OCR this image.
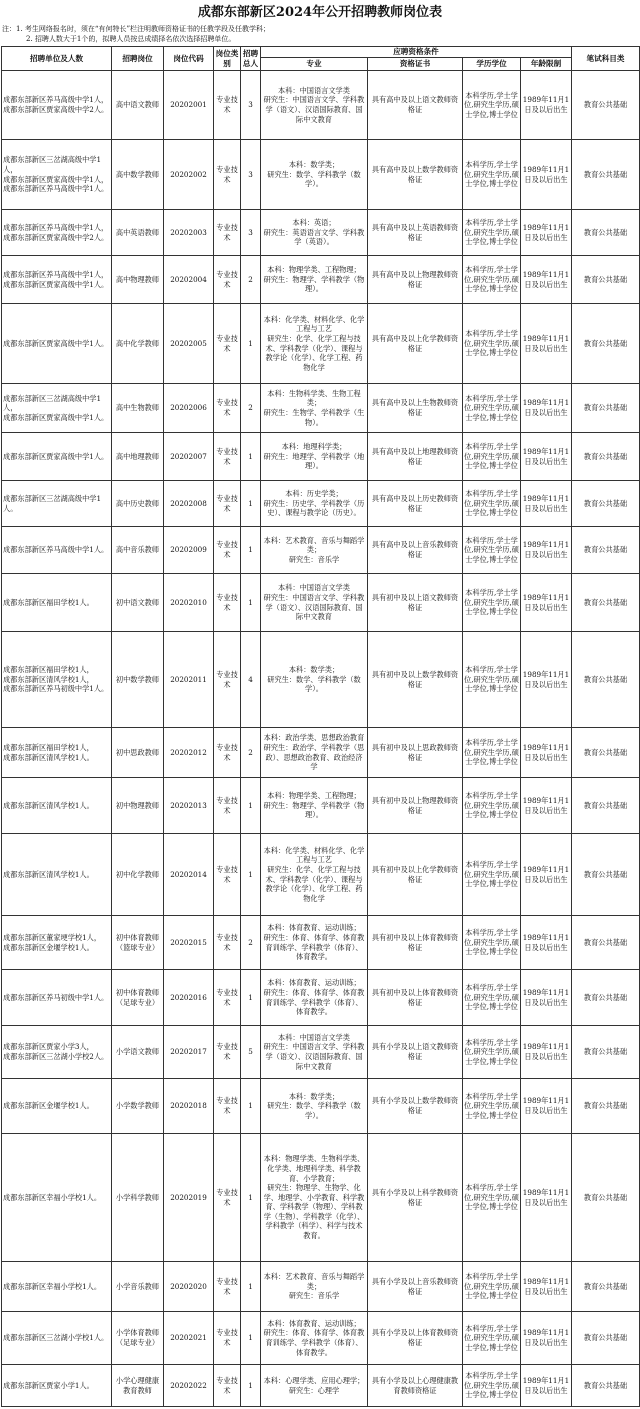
成都东部新区2024年公开招聘教师岗位表
注：1. 考生网络报名时，须在“有何特长”栏注明教师资格证书的任教学段及任教学科；
2. 招聘人数大于1个的，拟聘人员按总成绩择名依次选择招聘单位。
招聘单位及人数	招聘岗位	岗位代码	岗位类别	招聘总人	应聘资格条件				笔试科目类
					专业	资格证书	学历学位	年龄限制	

成都东部新区养马高级中学1人，
成都东部新区贾家高级中学2人。	高中语文教师	20202001	专业技术	3	本科：中国语言文学类
研究生：中国语言文学、学科教学（语文）、汉语国际教育、国际中文教育	具有高中及以上语文教师资格证	本科学历,学士学位,研究生学历,硕士学位,博士学位	1989年11月1日及以后出生	教育公共基础

成都东部新区三岔湖高级中学1人，
成都东部新区贾家高级中学1人，
成都东部新区养马高级中学1人。	高中数学教师	20202002	专业技术	3	本科：数学类；
研究生：数学、学科教学（数学）。	具有高中及以上数学教师资格证	本科学历,学士学位,研究生学历,硕士学位,博士学位	1989年11月1日及以后出生	教育公共基础

成都东部新区养马高级中学1人，
成都东部新区贾家高级中学2人。	高中英语教师	20202003	专业技术	3	本科：英语；
研究生：英语语言文学、学科教学（英语）。	具有高中及以上英语教师资格证	本科学历,学士学位,研究生学历,硕士学位,博士学位	1989年11月1日及以后出生	教育公共基础

成都东部新区养马高级中学1人，
成都东部新区贾家高级中学1人。	高中物理教师	20202004	专业技术	2	本科：物理学类、工程物理；
研究生：物理学、学科教学（物理）。	具有高中及以上物理教师资格证	本科学历,学士学位,研究生学历,硕士学位,博士学位	1989年11月1日及以后出生	教育公共基础

成都东部新区贾家高级中学1人。	高中化学教师	20202005	专业技术	1	本科：化学类、材料化学、化学工程与工艺
研究生：化学、化学工程与技术、学科教学（化学）、课程与教学论（化学）、化学工程、药物化学	具有高中及以上化学教师资格证	本科学历,学士学位,研究生学历,硕士学位,博士学位	1989年11月1日及以后出生	教育公共基础

成都东部新区三岔湖高级中学1人，
成都东部新区贾家高级中学1人。	高中生物教师	20202006	专业技术	2	本科：生物科学类、生物工程类；
研究生：生物学、学科教学（生物）。	具有高中及以上生物教师资格证	本科学历,学士学位,研究生学历,硕士学位,博士学位	1989年11月1日及以后出生	教育公共基础

成都东部新区贾家高级中学1人。	高中地理教师	20202007	专业技术	1	本科：地理科学类；
研究生：地理学、学科教学（地理）。	具有高中及以上地理教师资格证	本科学历,学士学位,研究生学历,硕士学位,博士学位	1989年11月1日及以后出生	教育公共基础

成都东部新区三岔湖高级中学1人。	高中历史教师	20202008	专业技术	1	本科：历史学类；
研究生：历史学、学科教学（历史）、课程与教学论（历史）。	具有高中及以上历史教师资格证	本科学历,学士学位,研究生学历,硕士学位,博士学位	1989年11月1日及以后出生	教育公共基础

成都东部新区养马高级中学1人。	高中音乐教师	20202009	专业技术	1	本科：艺术教育、音乐与舞蹈学类；
研究生：音乐学	具有高中及以上音乐教师资格证	本科学历,学士学位,研究生学历,硕士学位,博士学位	1989年11月1日及以后出生	教育公共基础

成都东部新区福田学校1人。	初中语文教师	20202010	专业技术	1	本科：中国语言文学类
研究生：中国语言文学、学科教学（语文）、汉语国际教育、国际中文教育	具有初中及以上语文教师资格证	本科学历,学士学位,研究生学历,硕士学位,博士学位	1989年11月1日及以后出生	教育公共基础

成都东部新区福田学校1人，
成都东部新区清风学校1人，
成都东部新区养马初级中学1人。	初中数学教师	20202011	专业技术	4	本科：数学类；
研究生：数学、学科教学（数学）。	具有初中及以上数学教师资格证	本科学历,学士学位,研究生学历,硕士学位,博士学位	1989年11月1日及以后出生	教育公共基础

成都东部新区福田学校1人，
成都东部新区清风学校1人。	初中思政教师	20202012	专业技术	2	本科：政治学类、思想政治教育
研究生：政治学、学科教学（思政）、思想政治教育、政治经济学	具有初中及以上思政教师资格证	本科学历,学士学位,研究生学历,硕士学位,博士学位	1989年11月1日及以后出生	教育公共基础

成都东部新区清风学校1人。	初中物理教师	20202013	专业技术	1	本科：物理学类、工程物理；
研究生：物理学、学科教学（物理）。	具有初中及以上物理教师资格证	本科学历,学士学位,研究生学历,硕士学位,博士学位	1989年11月1日及以后出生	教育公共基础

成都东部新区清风学校1人。	初中化学教师	20202014	专业技术	1	本科：化学类、材料化学、化学工程与工艺
研究生：化学、化学工程与技术、学科教学（化学）、课程与教学论（化学）、化学工程、药物化学	具有初中及以上化学教师资格证	本科学历,学士学位,研究生学历,硕士学位,博士学位	1989年11月1日及以后出生	教育公共基础

成都东部新区董家埂学校1人，
成都东部新区金堰学校1人。	初中体育教师（篮球专业）	20202015	专业技术	2	本科：体育教育、运动训练；
研究生：体育、体育学、体育教育训练学、学科教学（体育）、体育教学。	具有初中及以上体育教师资格证	本科学历,学士学位,研究生学历,硕士学位,博士学位	1989年11月1日及以后出生	教育公共基础

成都东部新区养马初级中学1人。	初中体育教师（足球专业）	20202016	专业技术	1	本科：体育教育、运动训练；
研究生：体育、体育学、体育教育训练学、学科教学（体育）、体育教学。	具有初中及以上体育教师资格证	本科学历,学士学位,研究生学历,硕士学位,博士学位	1989年11月1日及以后出生	教育公共基础

成都东部新区贾家小学3人，
成都东部新区三岔湖小学校2人。	小学语文教师	20202017	专业技术	5	本科：中国语言文学类
研究生：中国语言文学、学科教学（语文）、汉语国际教育、国际中文教育	具有小学及以上语文教师资格证	本科学历,学士学位,研究生学历,硕士学位,博士学位	1989年11月1日及以后出生	教育公共基础

成都东部新区金堰学校1人。	小学数学教师	20202018	专业技术	1	本科：数学类；
研究生：数学、学科教学（数学）。	具有小学及以上数学教师资格证	本科学历,学士学位,研究生学历,硕士学位,博士学位	1989年11月1日及以后出生	教育公共基础

成都东部新区幸福小学校1人。	小学科学教师	20202019	专业技术	1	本科：物理学类、生物科学类、化学类、地理科学类、科学教育、小学教育；
研究生：物理学、生物学、化学、地理学、小学教育、科学教育、学科教学（物理）、学科教学（生物）、学科教学（化学）、学科教学（科学）、科学与技术教育。	具有小学及以上科学教师资格证	本科学历,学士学位,研究生学历,硕士学位,博士学位	1989年11月1日及以后出生	教育公共基础

成都东部新区幸福小学校1人。	小学音乐教师	20202020	专业技术	1	本科：艺术教育、音乐与舞蹈学类；
研究生：音乐学	具有小学及以上音乐教师资格证	本科学历,学士学位,研究生学历,硕士学位,博士学位	1989年11月1日及以后出生	教育公共基础

成都东部新区三岔湖小学校1人。	小学体育教师（足球专业）	20202021	专业技术	1	本科：体育教育、运动训练；
研究生：体育、体育学、体育教育训练学、学科教学（体育）、体育教学。	具有小学及以上体育教师资格证	本科学历,学士学位,研究生学历,硕士学位,博士学位	1989年11月1日及以后出生	教育公共基础

成都东部新区贾家小学1人。	小学心理健康教育教师	20202022	专业技术	1	本科：心理学类、应用心理学；
研究生：心理学	具有小学及以上心理健康教育教师资格证	本科学历,学士学位,研究生学历,硕士学位,博士学位	1989年11月1日及以后出生	教育公共基础
